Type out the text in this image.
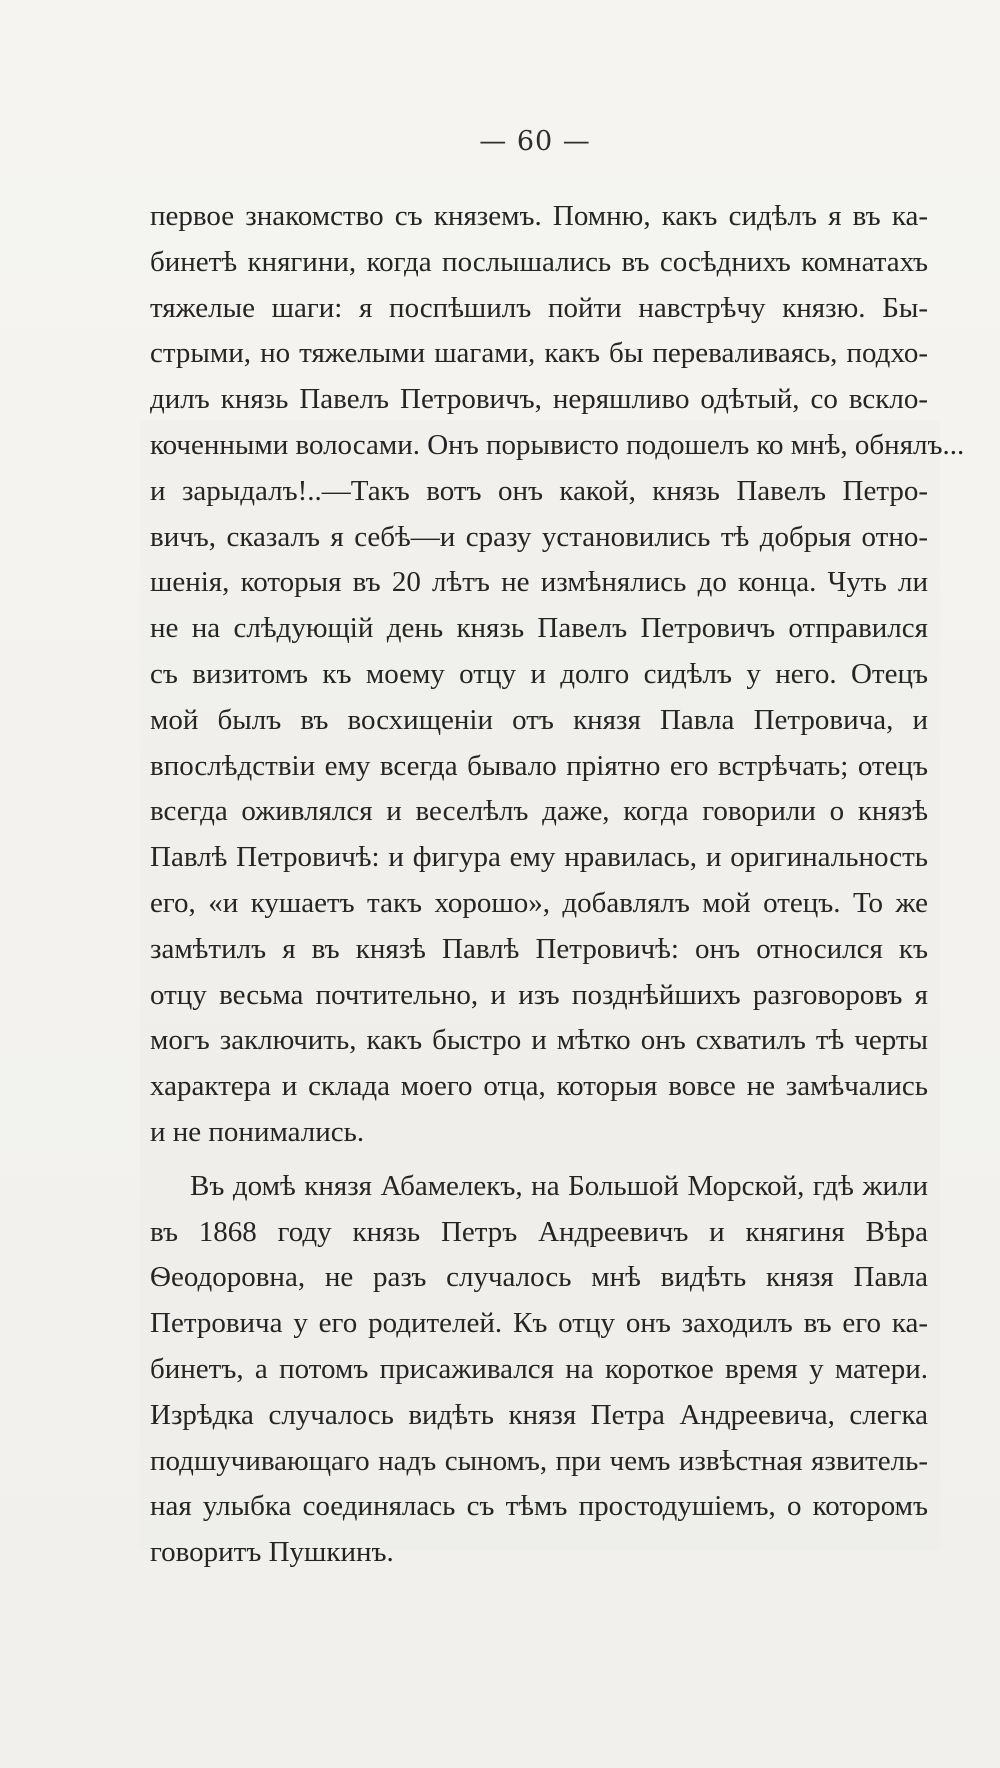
— 60 —
первое знакомство съ княземъ. Помню, какъ сидѣлъ я въ ка-
бинетѣ княгини, когда послышались въ сосѣднихъ комнатахъ
тяжелые шаги: я поспѣшилъ пойти навстрѣчу князю. Бы-
стрыми, но тяжелыми шагами, какъ бы переваливаясь, подхо-
дилъ князь Павелъ Петровичъ, неряшливо одѣтый, со вскло-
коченными волосами. Онъ порывисто подошелъ ко мнѣ, обнялъ...
и зарыдалъ!..—Такъ вотъ онъ какой, князь Павелъ Петро-
вичъ, сказалъ я себѣ—и сразу установились тѣ добрыя отно-
шенія, которыя въ 20 лѣтъ не измѣнялись до конца. Чуть ли
не на слѣдующій день князь Павелъ Петровичъ отправился
съ визитомъ къ моему отцу и долго сидѣлъ у него. Отецъ
мой былъ въ восхищеніи отъ князя Павла Петровича, и
впослѣдствіи ему всегда бывало пріятно его встрѣчать; отецъ
всегда оживлялся и веселѣлъ даже, когда говорили о князѣ
Павлѣ Петровичѣ: и фигура ему нравилась, и оригинальность
его, «и кушаетъ такъ хорошо», добавлялъ мой отецъ. То же
замѣтилъ я въ князѣ Павлѣ Петровичѣ: онъ относился къ
отцу весьма почтительно, и изъ позднѣйшихъ разговоровъ я
могъ заключить, какъ быстро и мѣтко онъ схватилъ тѣ черты
характера и склада моего отца, которыя вовсе не замѣчались
и не понимались.
Въ домѣ князя Абамелекъ, на Большой Морской, гдѣ жили
въ 1868 году князь Петръ Андреевичъ и княгиня Вѣра
Ѳеодоровна, не разъ случалось мнѣ видѣть князя Павла
Петровича у его родителей. Къ отцу онъ заходилъ въ его ка-
бинетъ, а потомъ присаживался на короткое время у матери.
Изрѣдка случалось видѣть князя Петра Андреевича, слегка
подшучивающаго надъ сыномъ, при чемъ извѣстная язвитель-
ная улыбка соединялась съ тѣмъ простодушіемъ, о которомъ
говоритъ Пушкинъ.
